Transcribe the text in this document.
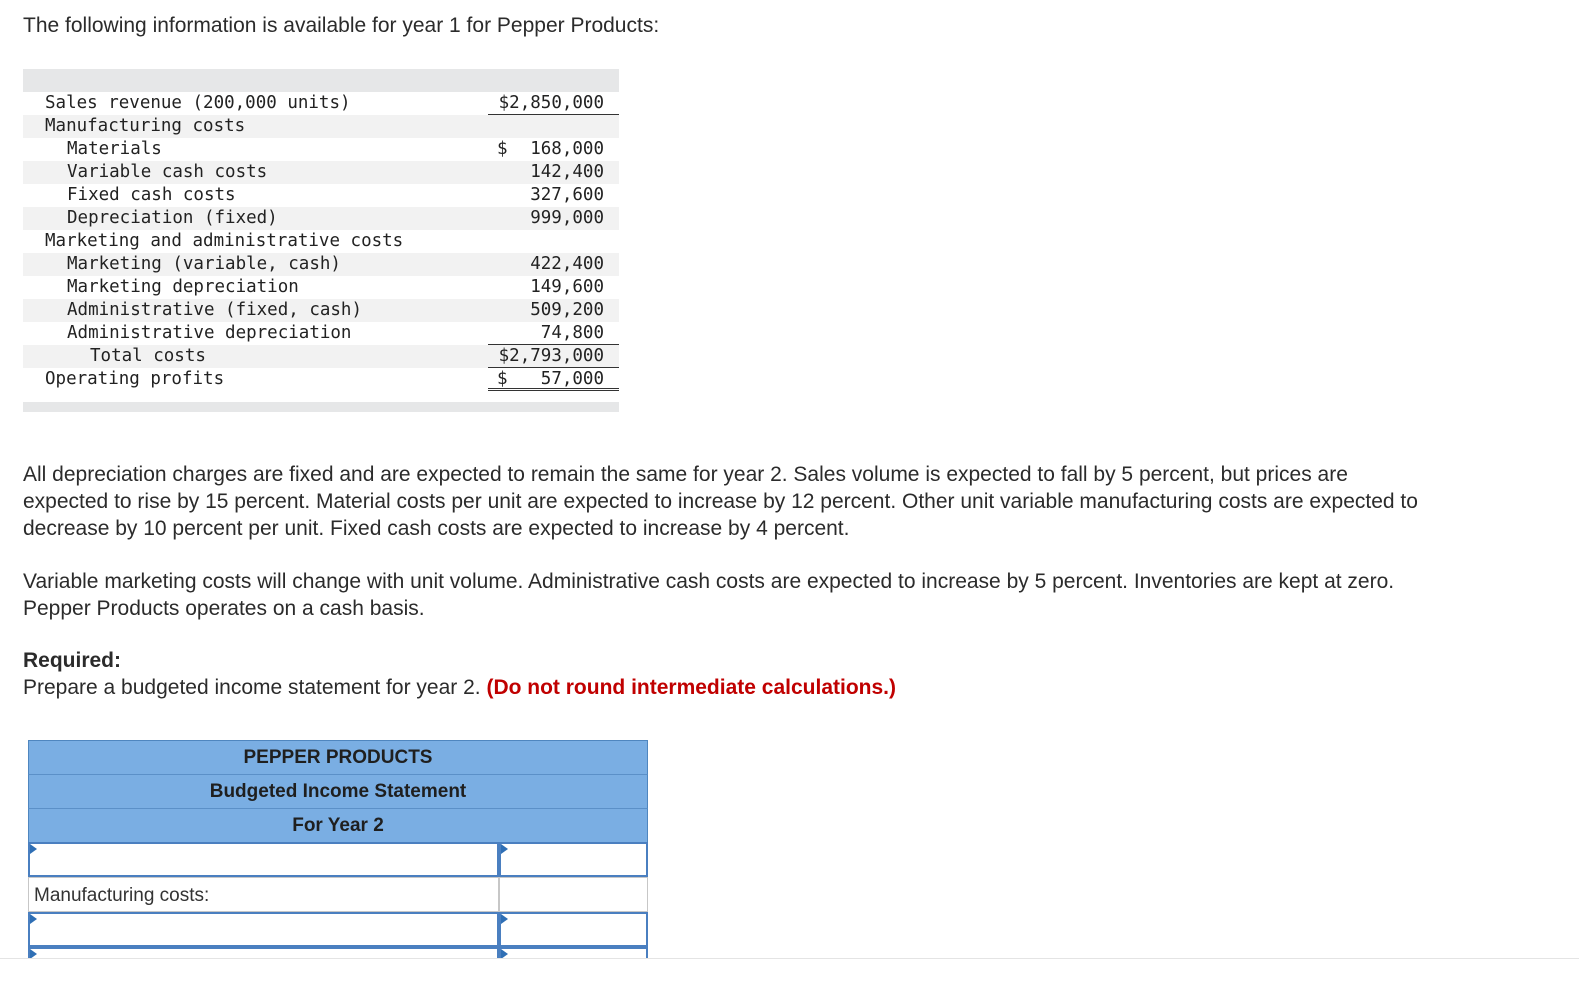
The following information is available for year 1 for Pepper Products:

Sales revenue (200,000 units)	$2,850,000
Manufacturing costs
Materials	$ 168,000
Variable cash costs	142,400
Fixed cash costs	327,600
Depreciation (fixed)	999,000
Marketing and administrative costs
Marketing (variable, cash)	422,400
Marketing depreciation	149,600
Administrative (fixed, cash)	509,200
Administrative depreciation	74,800
Total costs	$2,793,000
Operating profits	$ 57,000

All depreciation charges are fixed and are expected to remain the same for year 2. Sales volume is expected to fall by 5 percent, but prices are expected to rise by 15 percent. Material costs per unit are expected to increase by 12 percent. Other unit variable manufacturing costs are expected to decrease by 10 percent per unit. Fixed cash costs are expected to increase by 4 percent.

Variable marketing costs will change with unit volume. Administrative cash costs are expected to increase by 5 percent. Inventories are kept at zero. Pepper Products operates on a cash basis.

Required:

Prepare a budgeted income statement for year 2. (Do not round intermediate calculations.)

PEPPER PRODUCTS
Budgeted Income Statement
For Year 2
Manufacturing costs:
